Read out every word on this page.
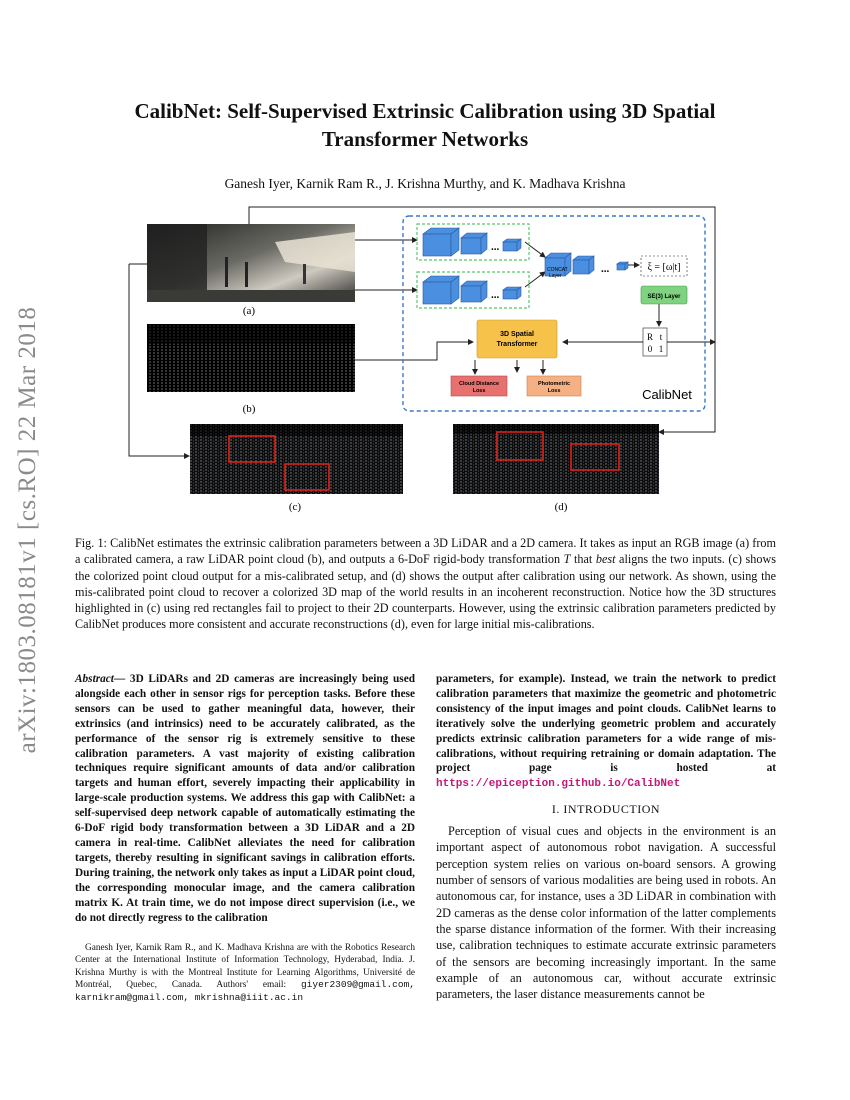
arXiv:1803.08181v1 [cs.RO] 22 Mar 2018
CalibNet: Self-Supervised Extrinsic Calibration using 3D Spatial
Transformer Networks
Ganesh Iyer, Karnik Ram R., J. Krishna Murthy, and K. Madhava Krishna
(a)
(b)
(c)	(d)
CalibNet
...
...
...
CONCAT
Layer
ξ = [ω|t]
SE(3) Layer
R t
0 1
3D Spatial
Transformer
Cloud Distance
Loss
Photometric
Loss
Fig. 1: CalibNet estimates the extrinsic calibration parameters between a 3D LiDAR and a 2D camera. It takes as input an RGB image (a) from a calibrated camera, a raw LiDAR point cloud (b), and outputs a 6-DoF rigid-body transformation T that best aligns the two inputs. (c) shows the colorized point cloud output for a mis-calibrated setup, and (d) shows the output after calibration using our network. As shown, using the mis-calibrated point cloud to recover a colorized 3D map of the world results in an incoherent reconstruction. Notice how the 3D structures highlighted in (c) using red rectangles fail to project to their 2D counterparts. However, using the extrinsic calibration parameters predicted by CalibNet produces more consistent and accurate reconstructions (d), even for large initial mis-calibrations.
Abstract— 3D LiDARs and 2D cameras are increasingly being used alongside each other in sensor rigs for perception tasks. Before these sensors can be used to gather meaningful data, however, their extrinsics (and intrinsics) need to be accurately calibrated, as the performance of the sensor rig is extremely sensitive to these calibration parameters. A vast majority of existing calibration techniques require significant amounts of data and/or calibration targets and human effort, severely impacting their applicability in large-scale production systems. We address this gap with CalibNet: a self-supervised deep network capable of automatically estimating the 6-DoF rigid body transformation between a 3D LiDAR and a 2D camera in real-time. CalibNet alleviates the need for calibration targets, thereby resulting in significant savings in calibration efforts. During training, the network only takes as input a LiDAR point cloud, the corresponding monocular image, and the camera calibration matrix K. At train time, we do not impose direct supervision (i.e., we do not directly regress to the calibration
Ganesh Iyer, Karnik Ram R., and K. Madhava Krishna are with the Robotics Research Center at the International Institute of Information Technology, Hyderabad, India. J. Krishna Murthy is with the Montreal Institute for Learning Algorithms, Université de Montréal, Quebec, Canada. Authors' email: giyer2309@gmail.com, karnikram@gmail.com, mkrishna@iiit.ac.in
parameters, for example). Instead, we train the network to predict calibration parameters that maximize the geometric and photometric consistency of the input images and point clouds. CalibNet learns to iteratively solve the underlying geometric problem and accurately predicts extrinsic calibration parameters for a wide range of mis-calibrations, without requiring retraining or domain adaptation. The project page is hosted at https://epiception.github.io/CalibNet
I. INTRODUCTION

Perception of visual cues and objects in the environment is an important aspect of autonomous robot navigation. A successful perception system relies on various on-board sensors. A growing number of sensors of various modalities are being used in robots. An autonomous car, for instance, uses a 3D LiDAR in combination with 2D cameras as the dense color information of the latter complements the sparse distance information of the former. With their increasing use, calibration techniques to estimate accurate extrinsic parameters of the sensors are becoming increasingly important. In the same example of an autonomous car, without accurate extrinsic parameters, the laser distance measurements cannot be
